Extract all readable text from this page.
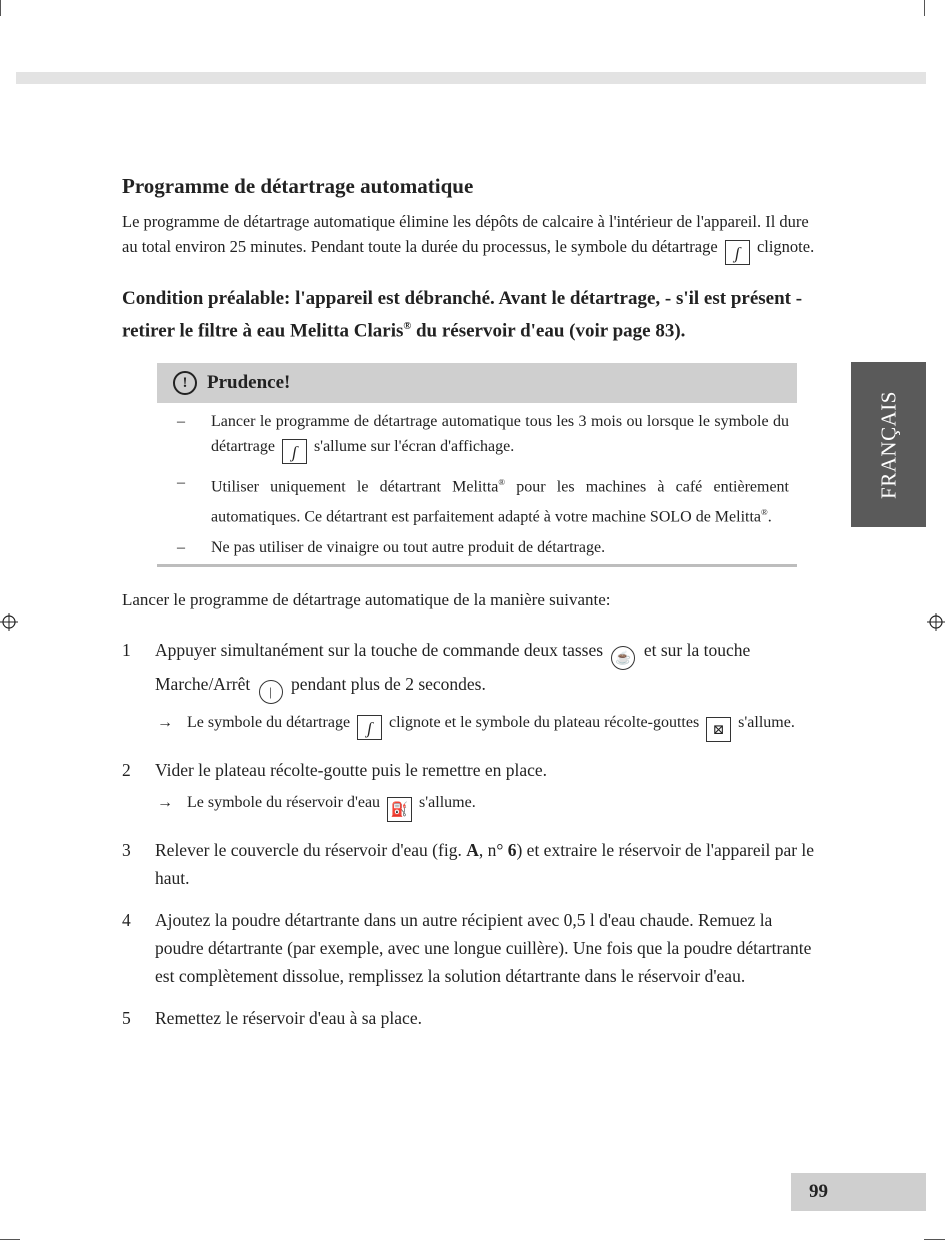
FRANÇAIS
Programme de détartrage automatique

Le programme de détartrage automatique élimine les dépôts de calcaire à l'intérieur de l'appareil. Il dure au total environ 25 minutes. Pendant toute la durée du processus, le symbole du détartrage ʃ clignote.

Condition préalable: l'appareil est débranché. Avant le détartrage, - s'il est présent - retirer le filtre à eau Melitta Claris® du réservoir d'eau (voir page 83).

!	Prudence!
– Lancer le programme de détartrage automatique tous les 3 mois ou lorsque le symbole du détartrage ʃ s'allume sur l'écran d'affichage.
– Utiliser uniquement le détartrant Melitta® pour les machines à café entièrement automatiques. Ce détartrant est parfaitement adapté à votre machine SOLO de Melitta®.
– Ne pas utiliser de vinaigre ou tout autre produit de détartrage.

Lancer le programme de détartrage automatique de la manière suivante:

1 Appuyer simultanément sur la touche de commande deux tasses ☕ et sur la touche Marche/Arrêt | pendant plus de 2 secondes.
→ Le symbole du détartrage ʃ clignote et le symbole du plateau récolte-gouttes ⊠ s'allume.
2 Vider le plateau récolte-goutte puis le remettre en place.
→ Le symbole du réservoir d'eau ⛽ s'allume.
3 Relever le couvercle du réservoir d'eau (fig. A, n° 6) et extraire le réservoir de l'appareil par le haut.
4 Ajoutez la poudre détartrante dans un autre récipient avec 0,5 l d'eau chaude. Remuez la poudre détartrante (par exemple, avec une longue cuillère). Une fois que la poudre détartrante est complètement dissolue, remplissez la solution détartrante dans le réservoir d'eau.
5 Remettez le réservoir d'eau à sa place.
99
